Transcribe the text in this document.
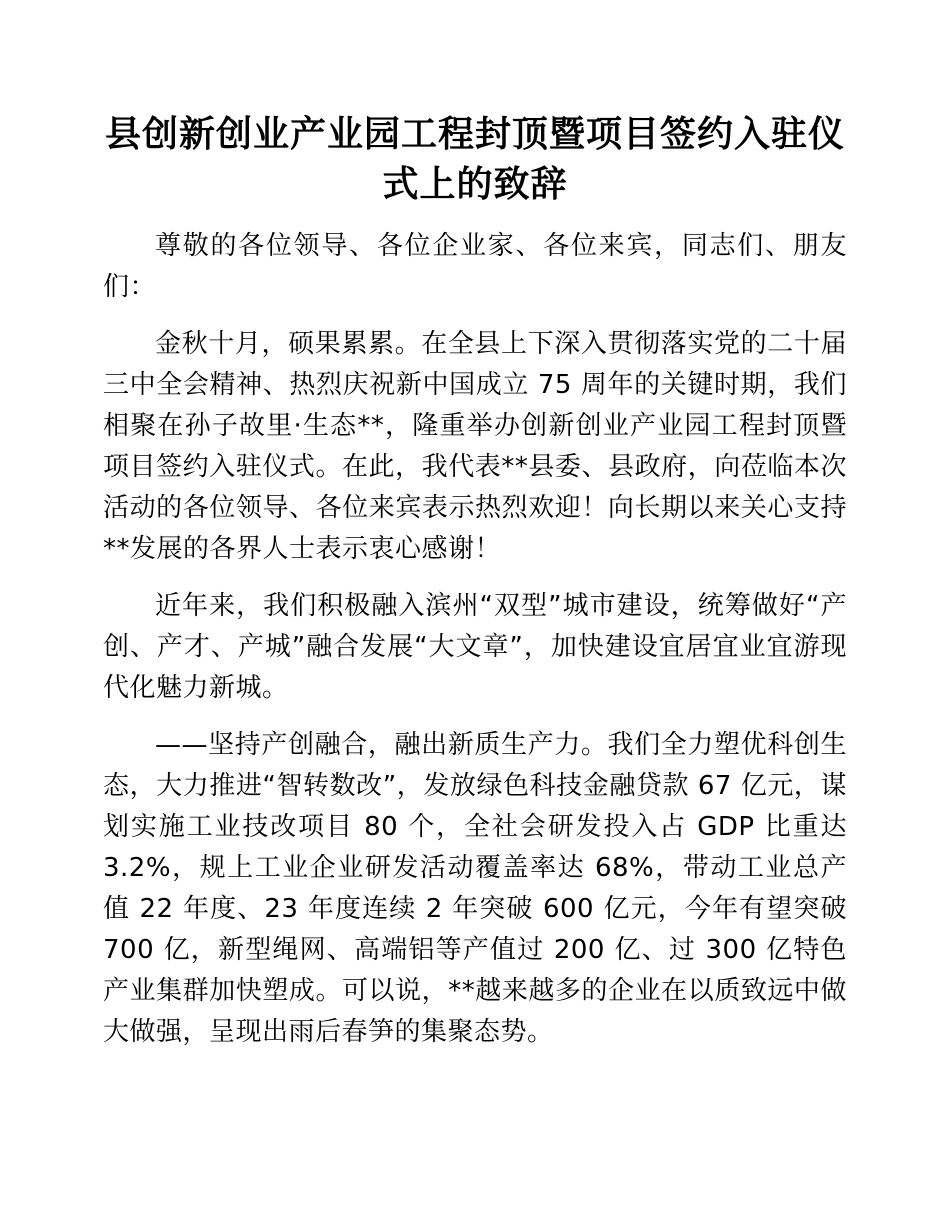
县创新创业产业园工程封顶暨项目签约入驻仪式上的致辞

尊敬的各位领导、各位企业家、各位来宾，同志们、朋友们：

金秋十月，硕果累累。在全县上下深入贯彻落实党的二十届三中全会精神、热烈庆祝新中国成立 75 周年的关键时期，我们相聚在孙子故里·生态**，隆重举办创新创业产业园工程封顶暨项目签约入驻仪式。在此，我代表**县委、县政府，向莅临本次活动的各位领导、各位来宾表示热烈欢迎！向长期以来关心支持**发展的各界人士表示衷心感谢！

近年来，我们积极融入滨州“双型”城市建设，统筹做好“产创、产才、产城”融合发展“大文章”，加快建设宜居宜业宜游现代化魅力新城。

——坚持产创融合，融出新质生产力。我们全力塑优科创生态，大力推进“智转数改”，发放绿色科技金融贷款 67 亿元，谋划实施工业技改项目 80 个，全社会研发投入占 GDP 比重达 3.2%，规上工业企业研发活动覆盖率达 68%，带动工业总产值 22 年度、23 年度连续 2 年突破 600 亿元，今年有望突破 700 亿，新型绳网、高端铝等产值过 200 亿、过 300 亿特色产业集群加快塑成。可以说，**越来越多的企业在以质致远中做大做强，呈现出雨后春笋的集聚态势。
